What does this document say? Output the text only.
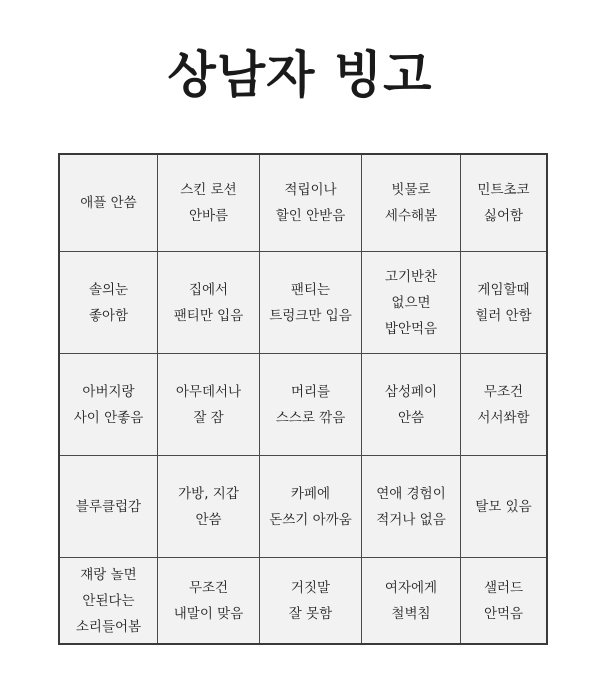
상남자 빙고
애플 안씀
스킨 로션
안바름
적립이나
할인 안받음
빗물로
세수해봄
민트초코
싫어함
솔의눈
좋아함
집에서
팬티만 입음
팬티는
트렁크만 입음
고기반찬
없으면
밥안먹음
게임할때
힐러 안함
아버지랑
사이 안좋음
아무데서나
잘 잠
머리를
스스로 깎음
삼성페이
안씀
무조건
서서쏴함
블루클럽감
가방, 지갑
안씀
카페에
돈쓰기 아까움
연애 경험이
적거나 없음
탈모 있음
쟤랑 놀면
안된다는
소리들어봄
무조건
내말이 맞음
거짓말
잘 못함
여자에게
철벽침
샐러드
안먹음
